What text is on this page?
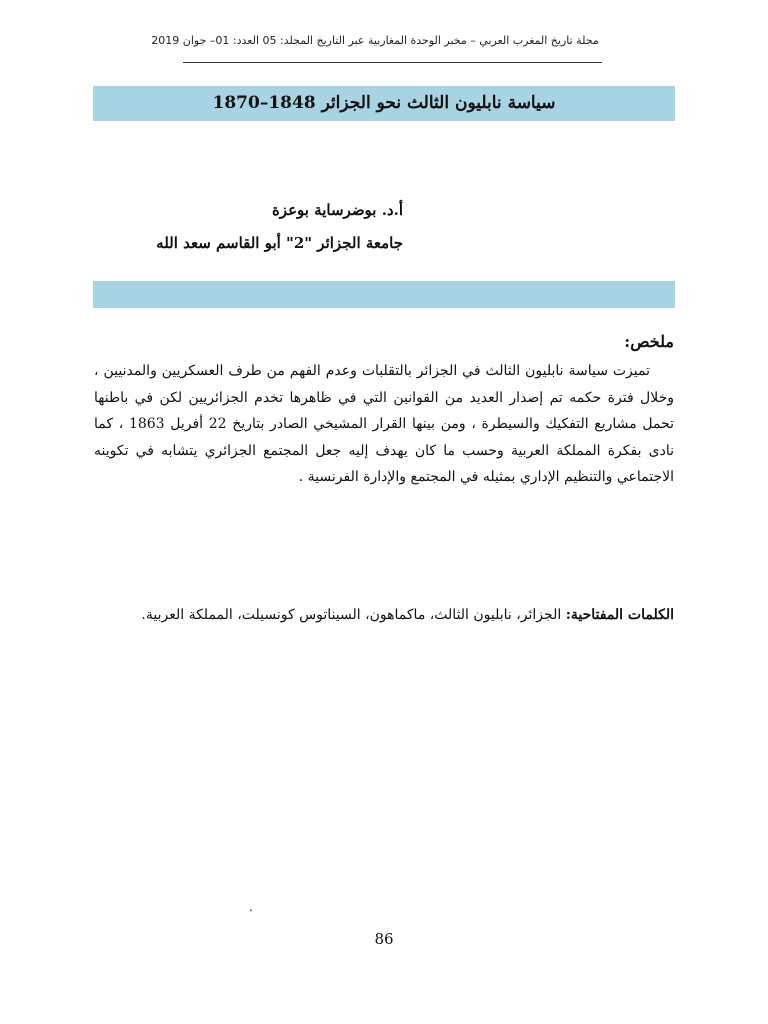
مجلة تاريخ المغرب العربي – مخبر الوحدة المغاربية عبر التاريخ المجلد: 05 العدد: 01– جوان 2019
سياسة نابليون الثالث نحو الجزائر 1848–1870
أ.د. بوضرساية بوعزة
جامعة الجزائر "2" أبو القاسم سعد الله
ملخص:
تميزت سياسة نابليون الثالث في الجزائر بالتقلبات وعدم الفهم من طرف العسكريين والمدنيين ، وخلال فترة حكمه تم إصدار العديد من القوانين التي في ظاهرها تخدم الجزائريين لكن في باطنها تحمل مشاريع التفكيك والسيطرة ، ومن بينها القرار المشيخي الصادر بتاريخ 22 أفريل 1863 ، كما نادى بفكرة المملكة العربية وحسب ما كان يهدف إليه جعل المجتمع الجزائري يتشابه في تكوينه الاجتماعي والتنظيم الإداري بمثيله في المجتمع والإدارة الفرنسية .
الكلمات المفتاحية: الجزائر، نابليون الثالث، ماكماهون، السيناتوس كونسيلت، المملكة العربية.
.
86
